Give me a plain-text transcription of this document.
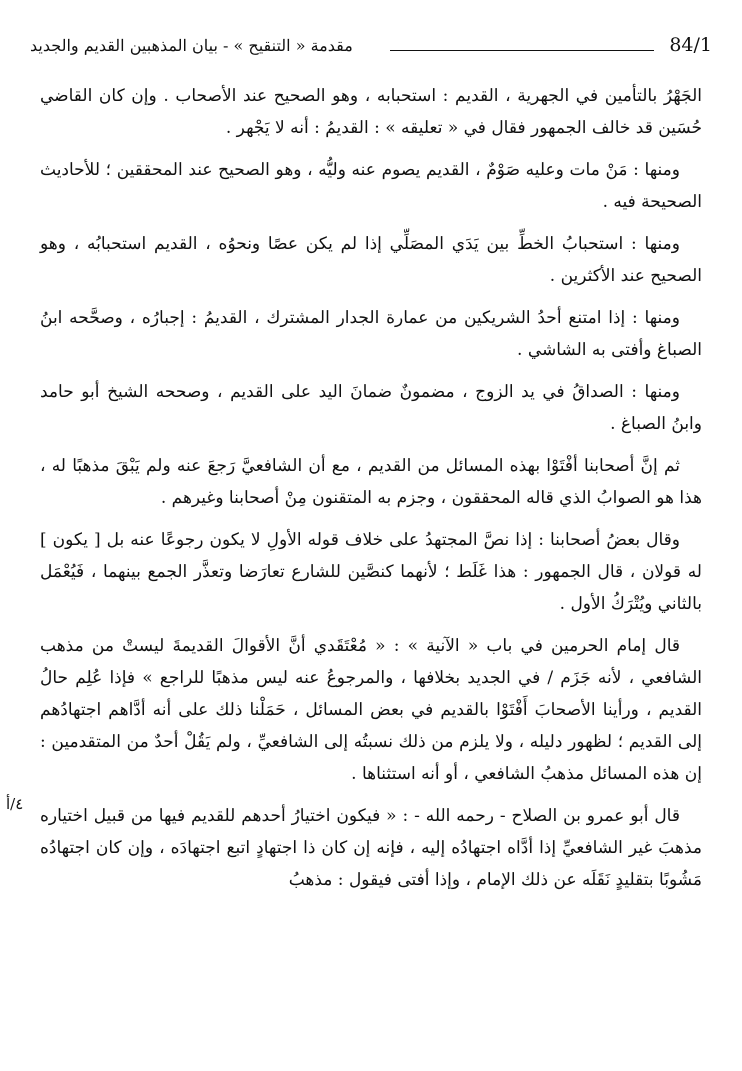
84/1
مقدمة « التنقيح » - بيان المذهبين القديم والجديد
٤/أ

الجَهْرُ بالتأمين في الجهرية ، القديم : استحبابه ، وهو الصحيح عند الأصحاب . وإن كان القاضي حُسَين قد خالف الجمهور فقال في « تعليقه » : القديمُ : أنه لا يَجْهر .

ومنها : مَنْ مات وعليه صَوْمٌ ، القديم يصوم عنه وليُّه ، وهو الصحيح عند المحققين ؛ للأحاديث الصحيحة فيه .

ومنها : استحبابُ الخطِّ بين يَدَي المصَلِّي إذا لم يكن عصًا ونحوُه ، القديم استحبابُه ، وهو الصحيح عند الأكثرين .

ومنها : إذا امتنع أحدُ الشريكين من عمارة الجدار المشترك ، القديمُ : إجبارُه ، وصحَّحه ابنُ الصباغ وأفتى به الشاشي .

ومنها : الصداقُ في يد الزوج ، مضمونٌ ضمانَ اليد على القديم ، وصححه الشيخ أبو حامد وابنُ الصباغ .

ثم إنَّ أصحابنا أفْتَوْا بهذه المسائل من القديم ، مع أن الشافعيَّ رَجعَ عنه ولم يَبْقَ مذهبًا له ، هذا هو الصوابُ الذي قاله المحققون ، وجزم به المتقنون مِنْ أصحابنا وغيرهم .

وقال بعضُ أصحابنا : إذا نصَّ المجتهدُ على خلاف قوله الأولِ لا يكون رجوعًا عنه بل [ يكون ] له قولان ، قال الجمهور : هذا غَلَط ؛ لأنهما كنصَّين للشارع تعارَضا وتعذَّر الجمع بينهما ، فَيُعْمَل بالثاني ويُتْرَكُ الأول .

قال إمام الحرمين في باب « الآنية » : « مُعْتَقَدي أنَّ الأقوالَ القديمةَ ليستْ من مذهب الشافعي ، لأنه جَزَم / في الجديد بخلافها ، والمرجوعُ عنه ليس مذهبًا للراجع » فإذا عُلِم حالُ القديم ، ورأينا الأصحابَ أَفْتَوْا بالقديم في بعض المسائل ، حَمَلْنا ذلك على أنه أدَّاهم اجتهادُهم إلى القديم ؛ لظهور دليله ، ولا يلزم من ذلك نسبتُه إلى الشافعيِّ ، ولم يَقُلْ أحدٌ من المتقدمين : إن هذه المسائل مذهبُ الشافعي ، أو أنه استثناها .

قال أبو عمرو بن الصلاح - رحمه الله - : « فيكون اختيارُ أحدهم للقديم فيها من قبيل اختياره مذهبَ غير الشافعيِّ إذا أدَّاه اجتهادُه إليه ، فإنه إن كان ذا اجتهادٍ اتبع اجتهادَه ، وإن كان اجتهادُه مَشُوبًا بتقليدٍ نَقَلَه عن ذلك الإمام ، وإذا أفتى فيقول : مذهبُ
